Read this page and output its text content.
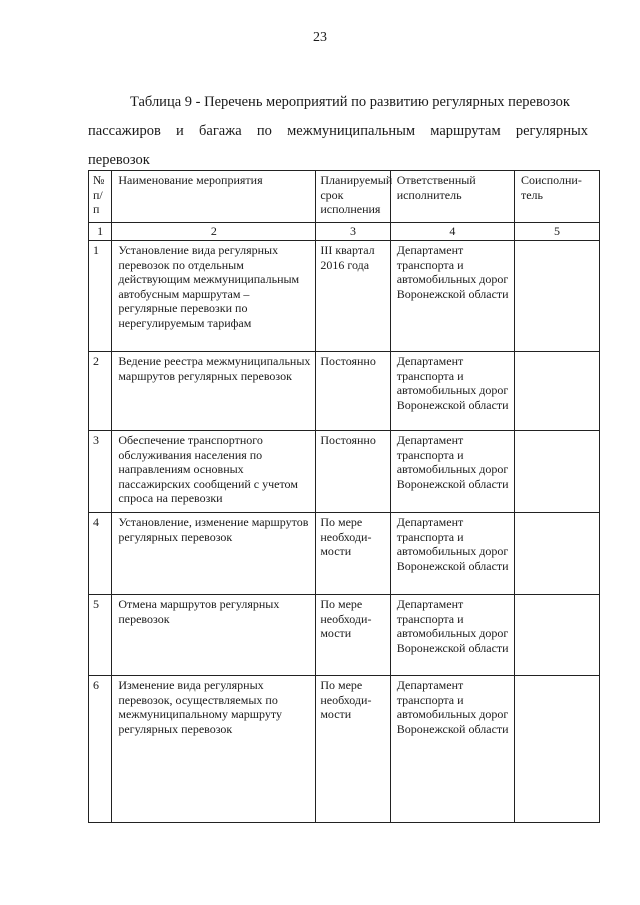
23
Таблица 9 - Перечень мероприятий по развитию регулярных перевозок
пассажиров и багажа по межмуниципальным маршрутам регулярных
перевозок
№ п/п	Наименование мероприятия	Планируемый срок исполнения	Ответственный исполнитель	Соисполни-тель
1	2	3	4	5
1	Установление вида регулярных перевозок по отдельным действующим межмуниципальным автобусным маршрутам – регулярные перевозки по нерегулируемым тарифам	III квартал 2016 года	Департамент транспорта и автомобильных дорог Воронежской области	
2	Ведение реестра межмуниципальных маршрутов регулярных перевозок	Постоянно	Департамент транспорта и автомобильных дорог Воронежской области	
3	Обеспечение транспортного обслуживания населения по направлениям основных пассажирских сообщений с учетом спроса на перевозки	Постоянно	Департамент транспорта и автомобильных дорог Воронежской области	
4	Установление, изменение маршрутов регулярных перевозок	По мере необходи-мости	Департамент транспорта и автомобильных дорог Воронежской области	
5	Отмена маршрутов регулярных перевозок	По мере необходи-мости	Департамент транспорта и автомобильных дорог Воронежской области	
6	Изменение вида регулярных перевозок, осуществляемых по межмуниципальному маршруту регулярных перевозок	По мере необходи-мости	Департамент транспорта и автомобильных дорог Воронежской области	
